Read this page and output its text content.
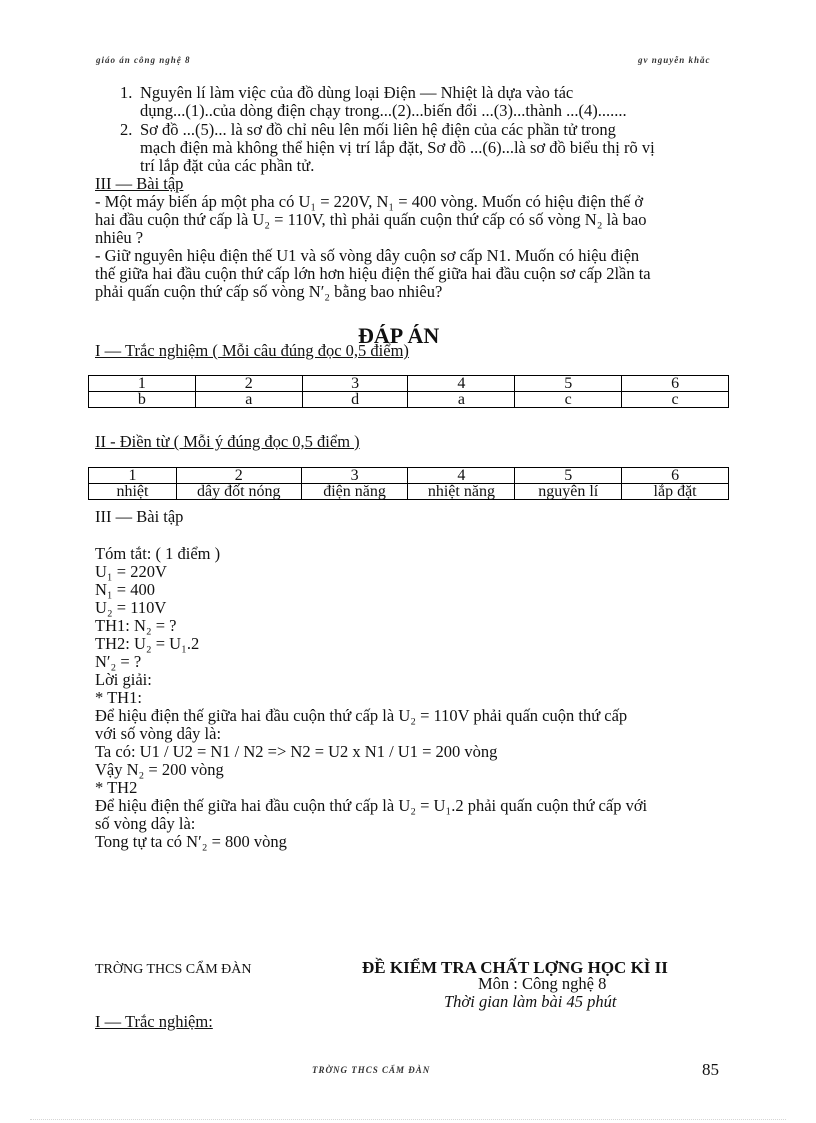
giáo án công nghệ 8	gv nguyễn khắc
1. Nguyên lí làm việc của đồ dùng loại Điện — Nhiệt là dựa vào tác
dụng...(1)..của dòng điện chạy trong...(2)...biến đổi ...(3)...thành ...(4).......
2. Sơ đồ ...(5)... là sơ đồ chỉ nêu lên mối liên hệ điện của các phần tử trong
mạch điện mà không thể hiện vị trí lắp đặt, Sơ đồ ...(6)...là sơ đồ biểu thị rõ vị
trí lắp đặt của các phần tử.
III — Bài tập
- Một máy biến áp một pha có U₁ = 220V, N₁ = 400 vòng. Muốn có hiệu điện thế ở
hai đầu cuộn thứ cấp là U₂ = 110V, thì phải quấn cuộn thứ cấp có số vòng N₂ là bao
nhiêu ?
- Giữ nguyên hiệu điện thế U1 và số vòng dây cuộn sơ cấp N1. Muốn có hiệu điện
thế giữa hai đầu cuộn thứ cấp lớn hơn hiệu điện thế giữa hai đầu cuộn sơ cấp 2lần ta
phải quấn cuộn thứ cấp số vòng N′₂ bằng bao nhiêu?
ĐÁP ÁN
I — Trắc nghiệm ( Mỗi câu đúng đọc 0,5 điểm)
1	2	3	4	5	6
b	a	d	a	c	c
II - Điền từ ( Mỗi ý đúng đọc 0,5 điểm )
1	2	3	4	5	6
nhiệt	dây đốt nóng	điện năng	nhiệt năng	nguyên lí	lắp đặt
III — Bài tập
Tóm tắt: ( 1 điểm )
U₁ = 220V
N₁ = 400
U₂ = 110V
TH1: N₂ = ?
TH2: U₂ = U₁.2
N′₂ = ?
Lời giải:
* TH1:
Để hiệu điện thế giữa hai đầu cuộn thứ cấp là U₂ = 110V phải quấn cuộn thứ cấp
với số vòng dây là:
Ta có: U1 / U2 = N1 / N2 => N2 = U2 x N1 / U1 = 200 vòng
Vậy N₂ = 200 vòng
* TH2
Để hiệu điện thế giữa hai đầu cuộn thứ cấp là U₂ = U₁.2 phải quấn cuộn thứ cấp với
số vòng dây là:
Tong tự ta có N′₂ = 800 vòng
TRỜNG THCS CẨM ĐÀN	ĐỀ KIỂM TRA CHẤT LỢNG HỌC KÌ II
Môn : Công nghệ 8
Thời gian làm bài 45 phút
I — Trắc nghiệm:
TRỜNG THCS CẨM ĐÀN	85
